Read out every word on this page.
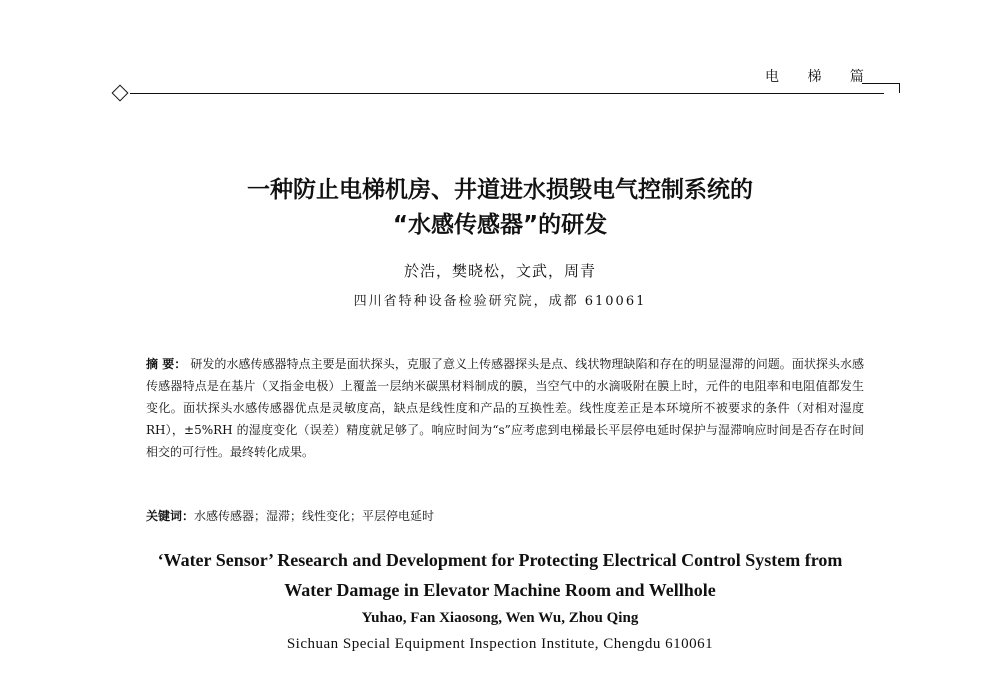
电 梯 篇
一种防止电梯机房、井道进水损毁电气控制系统的
“水感传感器”的研发
於浩，樊晓松，文武，周青
四川省特种设备检验研究院，成都 610061
摘 要： 研发的水感传感器特点主要是面状探头，克服了意义上传感器探头是点、线状物理缺陷和存在的明显湿滞的问题。面状探头水感传感器特点是在基片（叉指金电极）上覆盖一层纳米碳黑材料制成的膜，当空气中的水滴吸附在膜上时，元件的电阻率和电阻值都发生变化。面状探头水感传感器优点是灵敏度高，缺点是线性度和产品的互换性差。线性度差正是本环境所不被要求的条件（对相对湿度 RH），±5%RH 的湿度变化（误差）精度就足够了。响应时间为“s”应考虑到电梯最长平层停电延时保护与湿滞响应时间是否存在时间相交的可行性。最终转化成果。
关键词：水感传感器；湿滞；线性变化；平层停电延时
‘Water Sensor’ Research and Development for Protecting Electrical Control System from
Water Damage in Elevator Machine Room and Wellhole
Yuhao, Fan Xiaosong, Wen Wu, Zhou Qing
Sichuan Special Equipment Inspection Institute, Chengdu 610061
